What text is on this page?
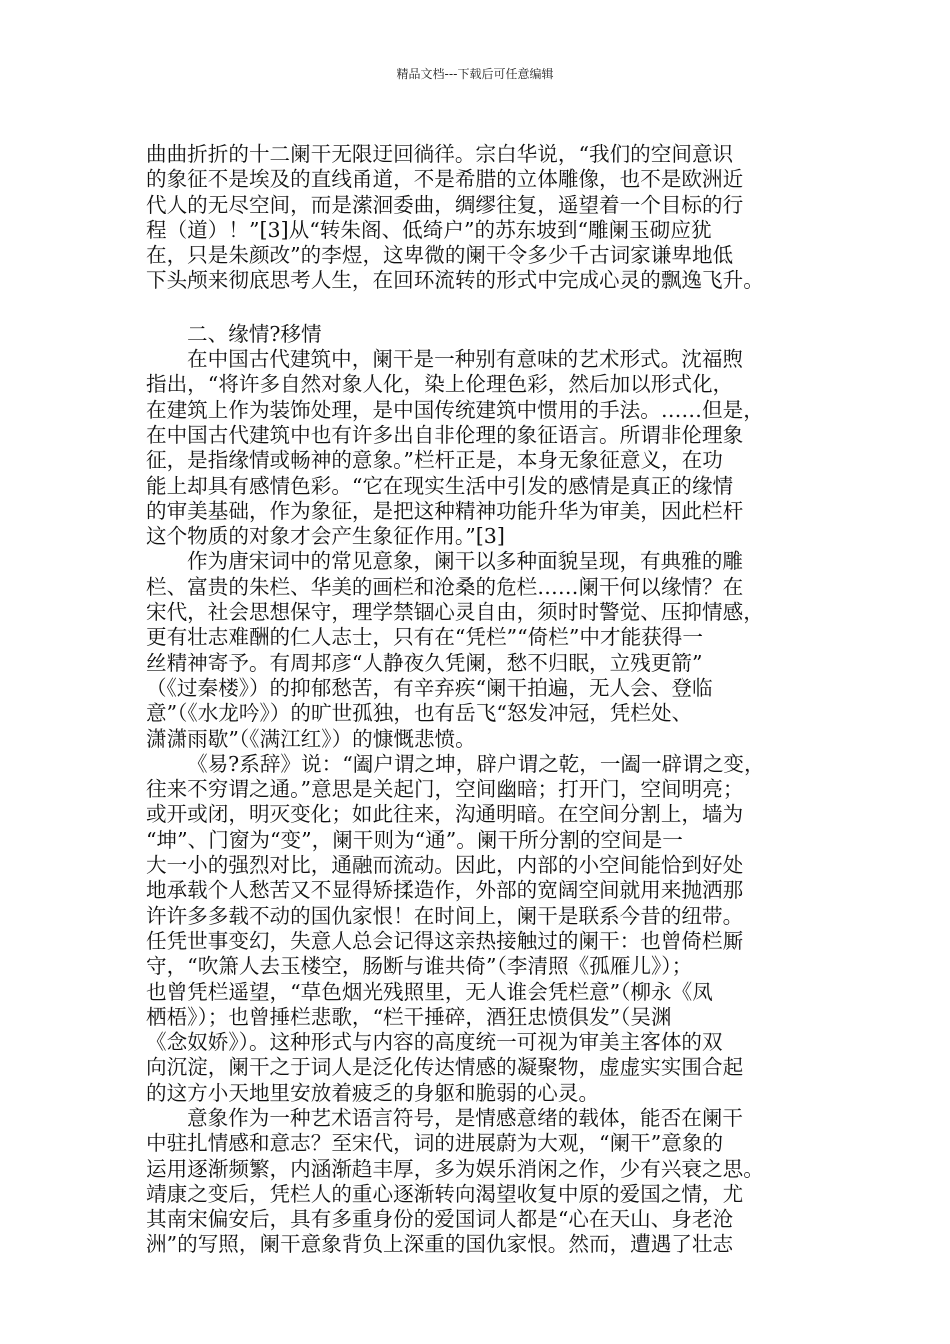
精品文档---下载后可任意编辑
曲曲折折的十二阑干无限迂回徜徉。宗白华说，“我们的空间意识
的象征不是埃及的直线甬道，不是希腊的立体雕像，也不是欧洲近
代人的无尽空间，而是潆洄委曲，绸缪往复，遥望着一个目标的行
程（道）！”[3]从“转朱阁、低绮户”的苏东坡到“雕阑玉砌应犹
在，只是朱颜改”的李煜，这卑微的阑干令多少千古词家谦卑地低
下头颅来彻底思考人生，在回环流转的形式中完成心灵的飘逸飞升。
二、缘情?移情
在中国古代建筑中，阑干是一种别有意味的艺术形式。沈福煦
指出，“将许多自然对象人化，染上伦理色彩，然后加以形式化，
在建筑上作为装饰处理，是中国传统建筑中惯用的手法。……但是，
在中国古代建筑中也有许多出自非伦理的象征语言。所谓非伦理象
征，是指缘情或畅神的意象。”栏杆正是，本身无象征意义，在功
能上却具有感情色彩。“它在现实生活中引发的感情是真正的缘情
的审美基础，作为象征，是把这种精神功能升华为审美，因此栏杆
这个物质的对象才会产生象征作用。”[3]
作为唐宋词中的常见意象，阑干以多种面貌呈现，有典雅的雕
栏、富贵的朱栏、华美的画栏和沧桑的危栏……阑干何以缘情？在
宋代，社会思想保守，理学禁锢心灵自由，须时时警觉、压抑情感，
更有壮志难酬的仁人志士，只有在“凭栏”“倚栏”中才能获得一
丝精神寄予。有周邦彦“人静夜久凭阑，愁不归眠，立残更箭”
（《过秦楼》）的抑郁愁苦，有辛弃疾“阑干拍遍，无人会、登临
意”（《水龙吟》）的旷世孤独，也有岳飞“怒发冲冠，凭栏处、
潇潇雨歇”（《满江红》）的慷慨悲愤。
《易?系辞》说：“阖户谓之坤，辟户谓之乾，一阖一辟谓之变，
往来不穷谓之通。”意思是关起门，空间幽暗；打开门，空间明亮；
或开或闭，明灭变化；如此往来，沟通明暗。在空间分割上，墙为
“坤”、门窗为“变”，阑干则为“通”。阑干所分割的空间是一
大一小的强烈对比，通融而流动。因此，内部的小空间能恰到好处
地承载个人愁苦又不显得矫揉造作，外部的宽阔空间就用来抛洒那
许许多多载不动的国仇家恨！在时间上，阑干是联系今昔的纽带。
任凭世事变幻，失意人总会记得这亲热接触过的阑干：也曾倚栏厮
守，“吹箫人去玉楼空，肠断与谁共倚”（李清照《孤雁儿》）；
也曾凭栏遥望，“草色烟光残照里，无人谁会凭栏意”（柳永《凤
栖梧》）；也曾捶栏悲歌，“栏干捶碎，酒狂忠愤俱发”（吴渊
《念奴娇》）。这种形式与内容的高度统一可视为审美主客体的双
向沉淀，阑干之于词人是泛化传达情感的凝聚物，虚虚实实围合起
的这方小天地里安放着疲乏的身躯和脆弱的心灵。
意象作为一种艺术语言符号，是情感意绪的载体，能否在阑干
中驻扎情感和意志？至宋代，词的进展蔚为大观，“阑干”意象的
运用逐渐频繁，内涵渐趋丰厚，多为娱乐消闲之作，少有兴衰之思。
靖康之变后，凭栏人的重心逐渐转向渴望收复中原的爱国之情，尤
其南宋偏安后，具有多重身份的爱国词人都是“心在天山、身老沧
洲”的写照，阑干意象背负上深重的国仇家恨。然而，遭遇了壮志
